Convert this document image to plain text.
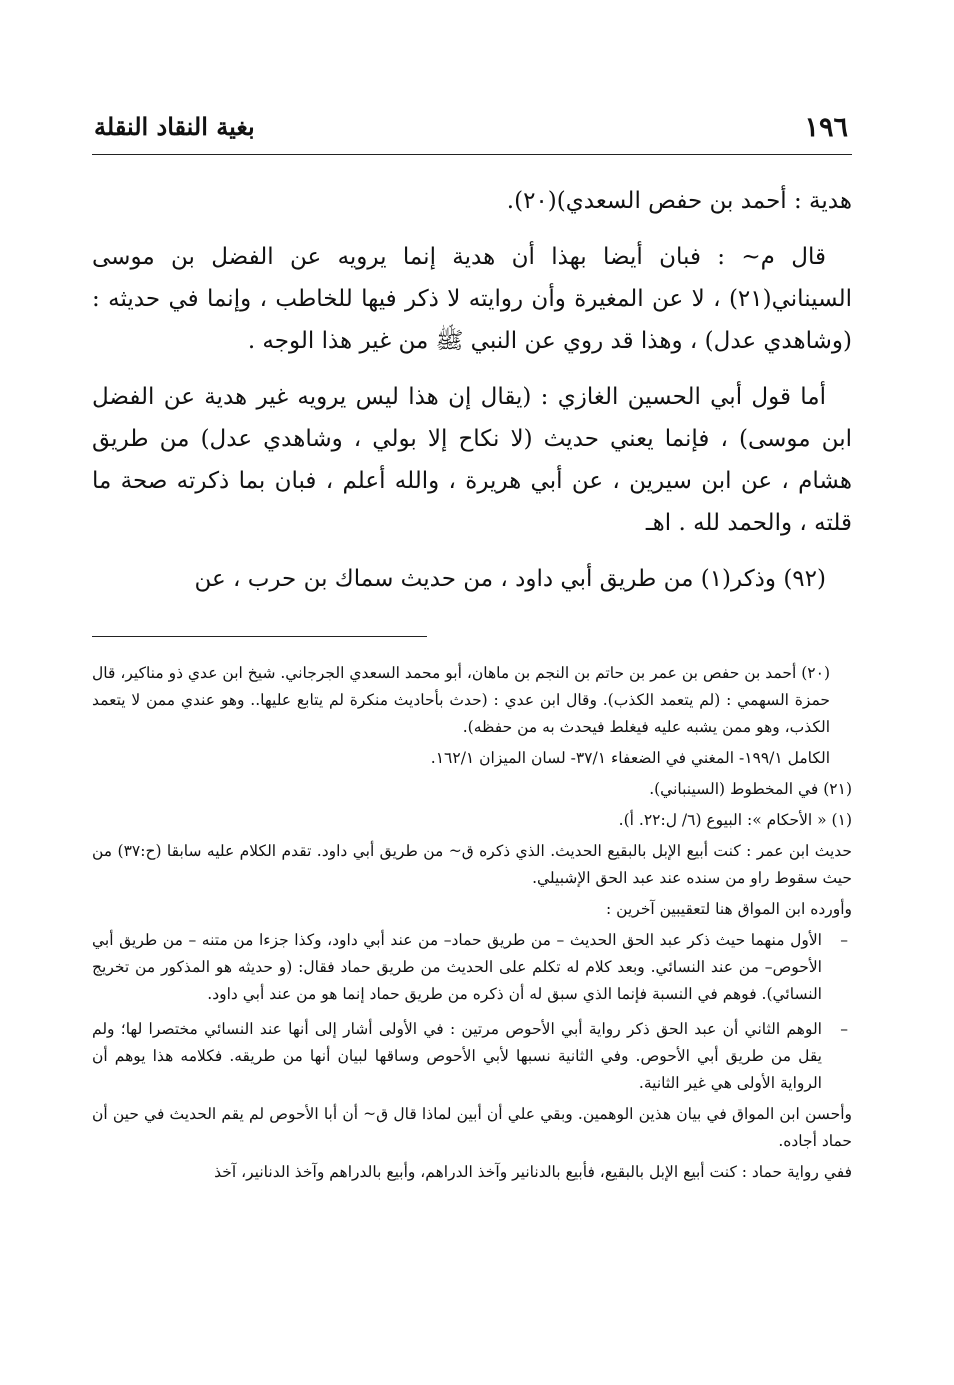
١٩٦
بغية النقاد النقلة

هدية : أحمد بن حفص السعدي)(٢٠).

قال م~ : فبان أيضا بهذا أن هدية إنما يرويه عن الفضل بن موسى السيناني(٢١) ، لا عن المغيرة وأن روايته لا ذكر فيها للخاطب ، وإنما في حديثه : (وشاهدي عدل) ، وهذا قد روي عن النبي ﷺ من غير هذا الوجه .

أما قول أبي الحسين الغازي : (يقال إن هذا ليس يرويه غير هدية عن الفضل ابن موسى) ، فإنما يعني حديث (لا نكاح إلا بولي ، وشاهدي عدل) من طريق هشام ، عن ابن سيرين ، عن أبي هريرة ، والله أعلم ، فبان بما ذكرته صحة ما قلته ، والحمد لله . اهـ

(٩٢) وذكر(١) من طريق أبي داود ، من حديث سماك بن حرب ، عن

(٢٠) أحمد بن حفص بن عمر بن حاتم بن النجم بن ماهان، أبو محمد السعدي الجرجاني. شيخ ابن عدي ذو مناكير، قال حمزة السهمي : (لم يتعمد الكذب). وقال ابن عدي : (حدث بأحاديث منكرة لم يتابع عليها.. وهو عندي ممن لا يتعمد الكذب، وهو ممن يشبه عليه فيغلط فيحدث به من حفظه).

الكامل ١٩٩/١- المغني في الضعفاء ٣٧/١- لسان الميزان ١٦٢/١.

(٢١) في المخطوط (السينباني).

(١) « الأحكام »: البيوع (٦/ ل:٢٢. أ).

حديث ابن عمر : كنت أبيع الإبل بالبقيع الحديث. الذي ذكره ق~ من طريق أبي داود. تقدم الكلام عليه سابقا (ح:٣٧) من حيث سقوط راو من سنده عند عبد الحق الإشبيلي.

وأورده ابن المواق هنا لتعقيبين آخرين :

–
الأول منهما حيث ذكر عبد الحق الحديث – من طريق حماد– من عند أبي داود، وكذا جزءا من متنه – من طريق أبي الأحوص– من عند النسائي. وبعد كلام له تكلم على الحديث من طريق حماد فقال: (و حديثه هو المذكور من تخريج النسائي). فوهم في النسبة فإنما الذي سبق له أن ذكره من طريق حماد إنما هو من عند أبي داود.
–
الوهم الثاني أن عبد الحق ذكر رواية أبي الأحوص مرتين : في الأولى أشار إلى أنها عند النسائي مختصرا لها؛ ولم يقل من طريق أبي الأحوص. وفي الثانية نسبها لأبي الأحوص وساقها لبيان أنها من طريقه. فكلامه هذا يوهم أن الرواية الأولى هي غير الثانية.

وأحسن ابن المواق في بيان هذين الوهمين. وبقي علي أن أبين لماذا قال ق~ أن أبا الأحوص لم يقم الحديث في حين أن حماد أجاده.

ففي رواية حماد : كنت أبيع الإبل بالبقيع، فأبيع بالدنانير وآخذ الدراهم، وأبيع بالدراهم وآخذ الدنانير، آخذ
